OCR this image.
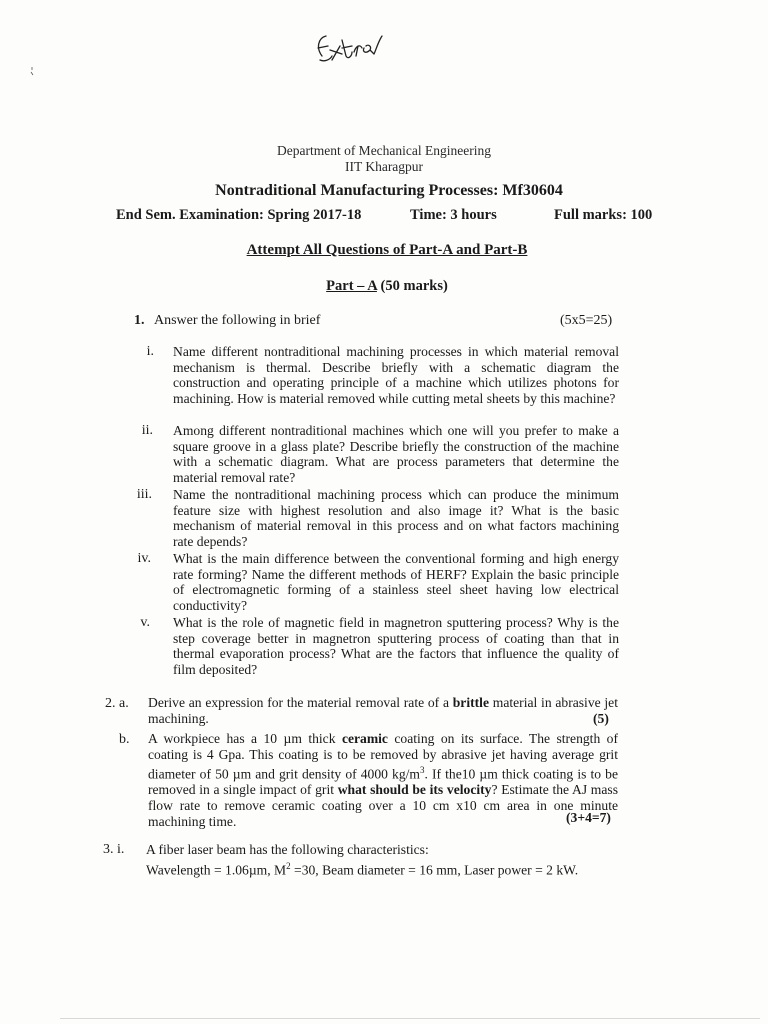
Department of Mechanical Engineering
IIT Kharagpur
Nontraditional Manufacturing Processes: Mf30604
End Sem. Examination: Spring 2017-18	Time: 3 hours	Full marks: 100
Attempt All Questions of Part-A and Part-B
Part – A (50 marks)
1. Answer the following in brief	(5x5=25)
i. Name different nontraditional machining processes in which material removal mechanism is thermal. Describe briefly with a schematic diagram the construction and operating principle of a machine which utilizes photons for machining. How is material removed while cutting metal sheets by this machine?
ii. Among different nontraditional machines which one will you prefer to make a square groove in a glass plate? Describe briefly the construction of the machine with a schematic diagram. What are process parameters that determine the material removal rate?
iii. Name the nontraditional machining process which can produce the minimum feature size with highest resolution and also image it? What is the basic mechanism of material removal in this process and on what factors machining rate depends?
iv. What is the main difference between the conventional forming and high energy rate forming? Name the different methods of HERF? Explain the basic principle of electromagnetic forming of a stainless steel sheet having low electrical conductivity?
v. What is the role of magnetic field in magnetron sputtering process? Why is the step coverage better in magnetron sputtering process of coating than that in thermal evaporation process? What are the factors that influence the quality of film deposited?
2. a. Derive an expression for the material removal rate of a brittle material in abrasive jet machining.	(5)
b. A workpiece has a 10 µm thick ceramic coating on its surface. The strength of coating is 4 Gpa. This coating is to be removed by abrasive jet having average grit diameter of 50 µm and grit density of 4000 $kg/m^3$. If the10 µm thick coating is to be removed in a single impact of grit what should be its velocity? Estimate the AJ mass flow rate to remove ceramic coating over a 10 cm x10 cm area in one minute machining time.	(3+4=7)
3. i. A fiber laser beam has the following characteristics:
Wavelength = 1.06µm, $M^2 =30$, Beam diameter = 16 mm, Laser power = 2 kW.
